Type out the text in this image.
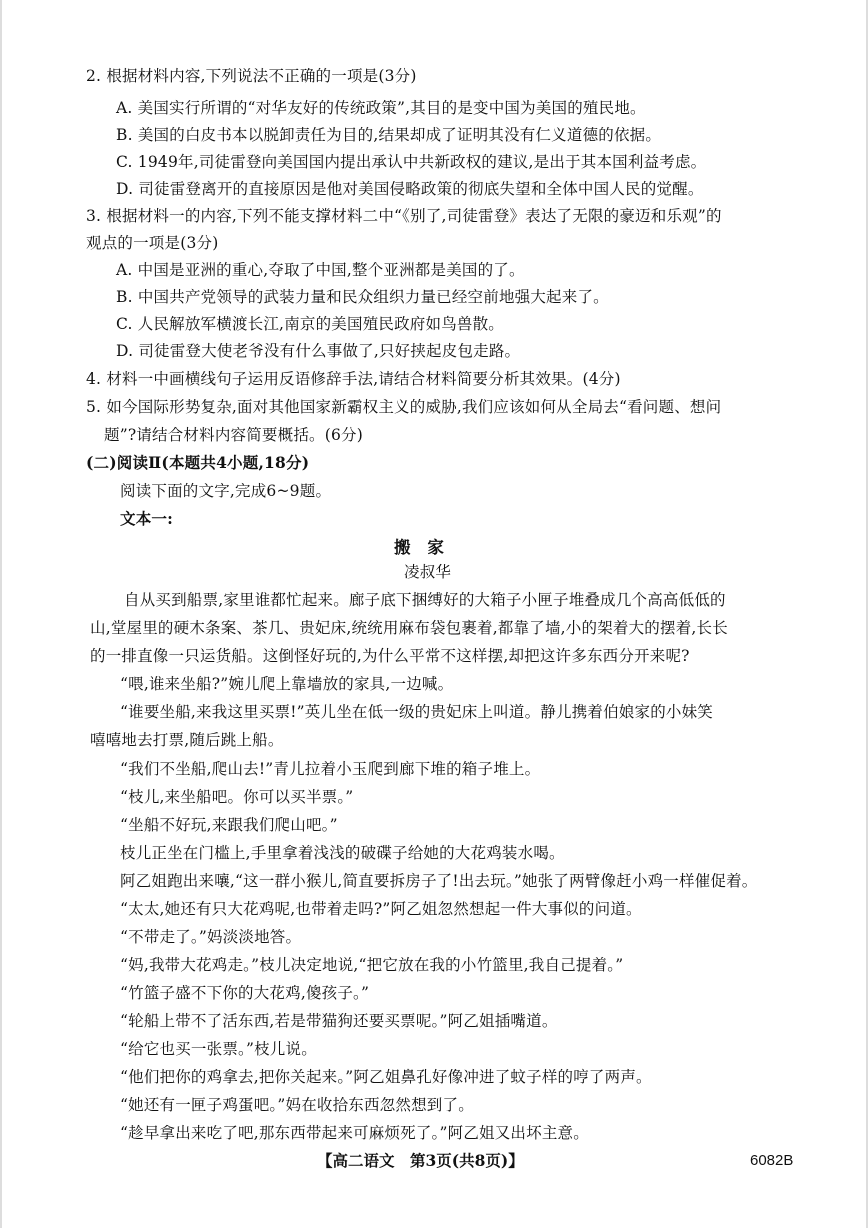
2. 根据材料内容,下列说法不正确的一项是(3分)
A. 美国实行所谓的“对华友好的传统政策”,其目的是变中国为美国的殖民地。
B. 美国的白皮书本以脱卸责任为目的,结果却成了证明其没有仁义道德的依据。
C. 1949年,司徒雷登向美国国内提出承认中共新政权的建议,是出于其本国利益考虑。
D. 司徒雷登离开的直接原因是他对美国侵略政策的彻底失望和全体中国人民的觉醒。
3. 根据材料一的内容,下列不能支撑材料二中“《别了,司徒雷登》表达了无限的豪迈和乐观”的
观点的一项是(3分)
A. 中国是亚洲的重心,夺取了中国,整个亚洲都是美国的了。
B. 中国共产党领导的武装力量和民众组织力量已经空前地强大起来了。
C. 人民解放军横渡长江,南京的美国殖民政府如鸟兽散。
D. 司徒雷登大使老爷没有什么事做了,只好挟起皮包走路。
4. 材料一中画横线句子运用反语修辞手法,请结合材料简要分析其效果。(4分)
5. 如今国际形势复杂,面对其他国家新霸权主义的威胁,我们应该如何从全局去“看问题、想问
题”?请结合材料内容简要概括。(6分)
(二)阅读Ⅱ(本题共4小题,18分)
阅读下面的文字,完成6~9题。
文本一:
搬　家
凌叔华
自从买到船票,家里谁都忙起来。廊子底下捆缚好的大箱子小匣子堆叠成几个高高低低的
山,堂屋里的硬木条案、茶几、贵妃床,统统用麻布袋包裹着,都靠了墙,小的架着大的摆着,长长
的一排直像一只运货船。这倒怪好玩的,为什么平常不这样摆,却把这许多东西分开来呢?
“喂,谁来坐船?”婉儿爬上靠墙放的家具,一边喊。
“谁要坐船,来我这里买票!”英儿坐在低一级的贵妃床上叫道。静儿携着伯娘家的小妹笑
嘻嘻地去打票,随后跳上船。
“我们不坐船,爬山去!”青儿拉着小玉爬到廊下堆的箱子堆上。
“枝儿,来坐船吧。你可以买半票。”
“坐船不好玩,来跟我们爬山吧。”
枝儿正坐在门槛上,手里拿着浅浅的破碟子给她的大花鸡装水喝。
阿乙姐跑出来嚷,“这一群小猴儿,简直要拆房子了!出去玩。”她张了两臂像赶小鸡一样催促着。
“太太,她还有只大花鸡呢,也带着走吗?”阿乙姐忽然想起一件大事似的问道。
“不带走了。”妈淡淡地答。
“妈,我带大花鸡走。”枝儿决定地说,“把它放在我的小竹篮里,我自己提着。”
“竹篮子盛不下你的大花鸡,傻孩子。”
“轮船上带不了活东西,若是带猫狗还要买票呢。”阿乙姐插嘴道。
“给它也买一张票。”枝儿说。
“他们把你的鸡拿去,把你关起来。”阿乙姐鼻孔好像冲进了蚊子样的哼了两声。
“她还有一匣子鸡蛋吧。”妈在收拾东西忽然想到了。
“趁早拿出来吃了吧,那东西带起来可麻烦死了。”阿乙姐又出坏主意。
【高二语文　第3页(共8页)】	6082B
